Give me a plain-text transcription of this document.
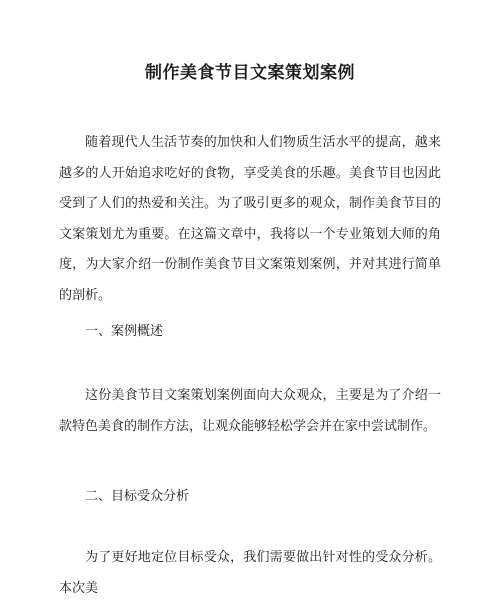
制作美食节目文案策划案例

随着现代人生活节奏的加快和人们物质生活水平的提高，越来越多的人开始追求吃好的食物，享受美食的乐趣。美食节目也因此受到了人们的热爱和关注。为了吸引更多的观众，制作美食节目的文案策划尤为重要。在这篇文章中，我将以一个专业策划大师的角度，为大家介绍一份制作美食节目文案策划案例，并对其进行简单的剖析。

一、案例概述

这份美食节目文案策划案例面向大众观众，主要是为了介绍一款特色美食的制作方法，让观众能够轻松学会并在家中尝试制作。

二、目标受众分析

为了更好地定位目标受众，我们需要做出针对性的受众分析。本次美
